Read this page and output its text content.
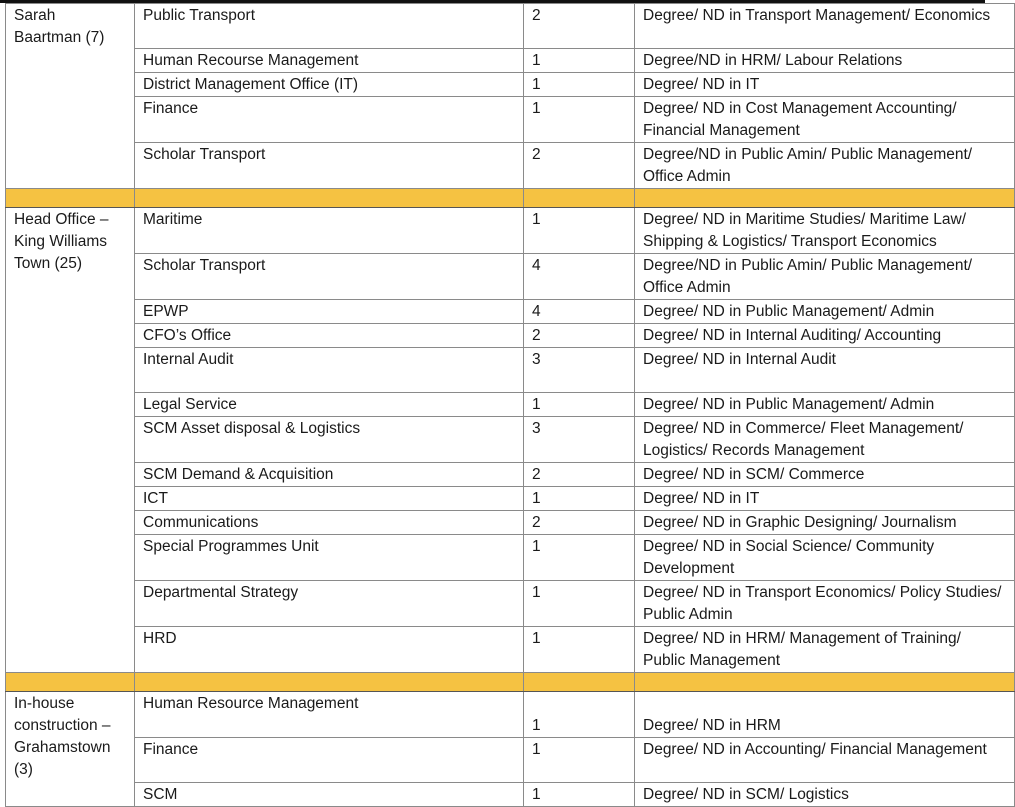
Sarah Baartman (7)	Public Transport	2	Degree/ ND in Transport Management/ Economics
	Human Recourse Management	1	Degree/ND in HRM/ Labour Relations
	District Management Office (IT)	1	Degree/ ND in IT
	Finance	1	Degree/ ND in Cost Management Accounting/ Financial Management
	Scholar Transport	2	Degree/ND in Public Amin/ Public Management/ Office Admin

Head Office – King Williams Town (25)	Maritime	1	Degree/ ND in Maritime Studies/ Maritime Law/ Shipping & Logistics/ Transport Economics
	Scholar Transport	4	Degree/ND in Public Amin/ Public Management/ Office Admin
	EPWP	4	Degree/ ND in Public Management/ Admin
	CFO’s Office	2	Degree/ ND in Internal Auditing/ Accounting
	Internal Audit	3	Degree/ ND in Internal Audit
	Legal Service	1	Degree/ ND in Public Management/ Admin
	SCM Asset disposal & Logistics	3	Degree/ ND in Commerce/ Fleet Management/ Logistics/ Records Management
	SCM Demand & Acquisition	2	Degree/ ND in SCM/ Commerce
	ICT	1	Degree/ ND in IT
	Communications	2	Degree/ ND in Graphic Designing/ Journalism
	Special Programmes Unit	1	Degree/ ND in Social Science/ Community Development
	Departmental Strategy	1	Degree/ ND in Transport Economics/ Policy Studies/ Public Admin
	HRD	1	Degree/ ND in HRM/ Management of Training/ Public Management

In-house construction – Grahamstown (3)	Human Resource Management	1	Degree/ ND in HRM
	Finance	1	Degree/ ND in Accounting/ Financial Management
	SCM	1	Degree/ ND in SCM/ Logistics
